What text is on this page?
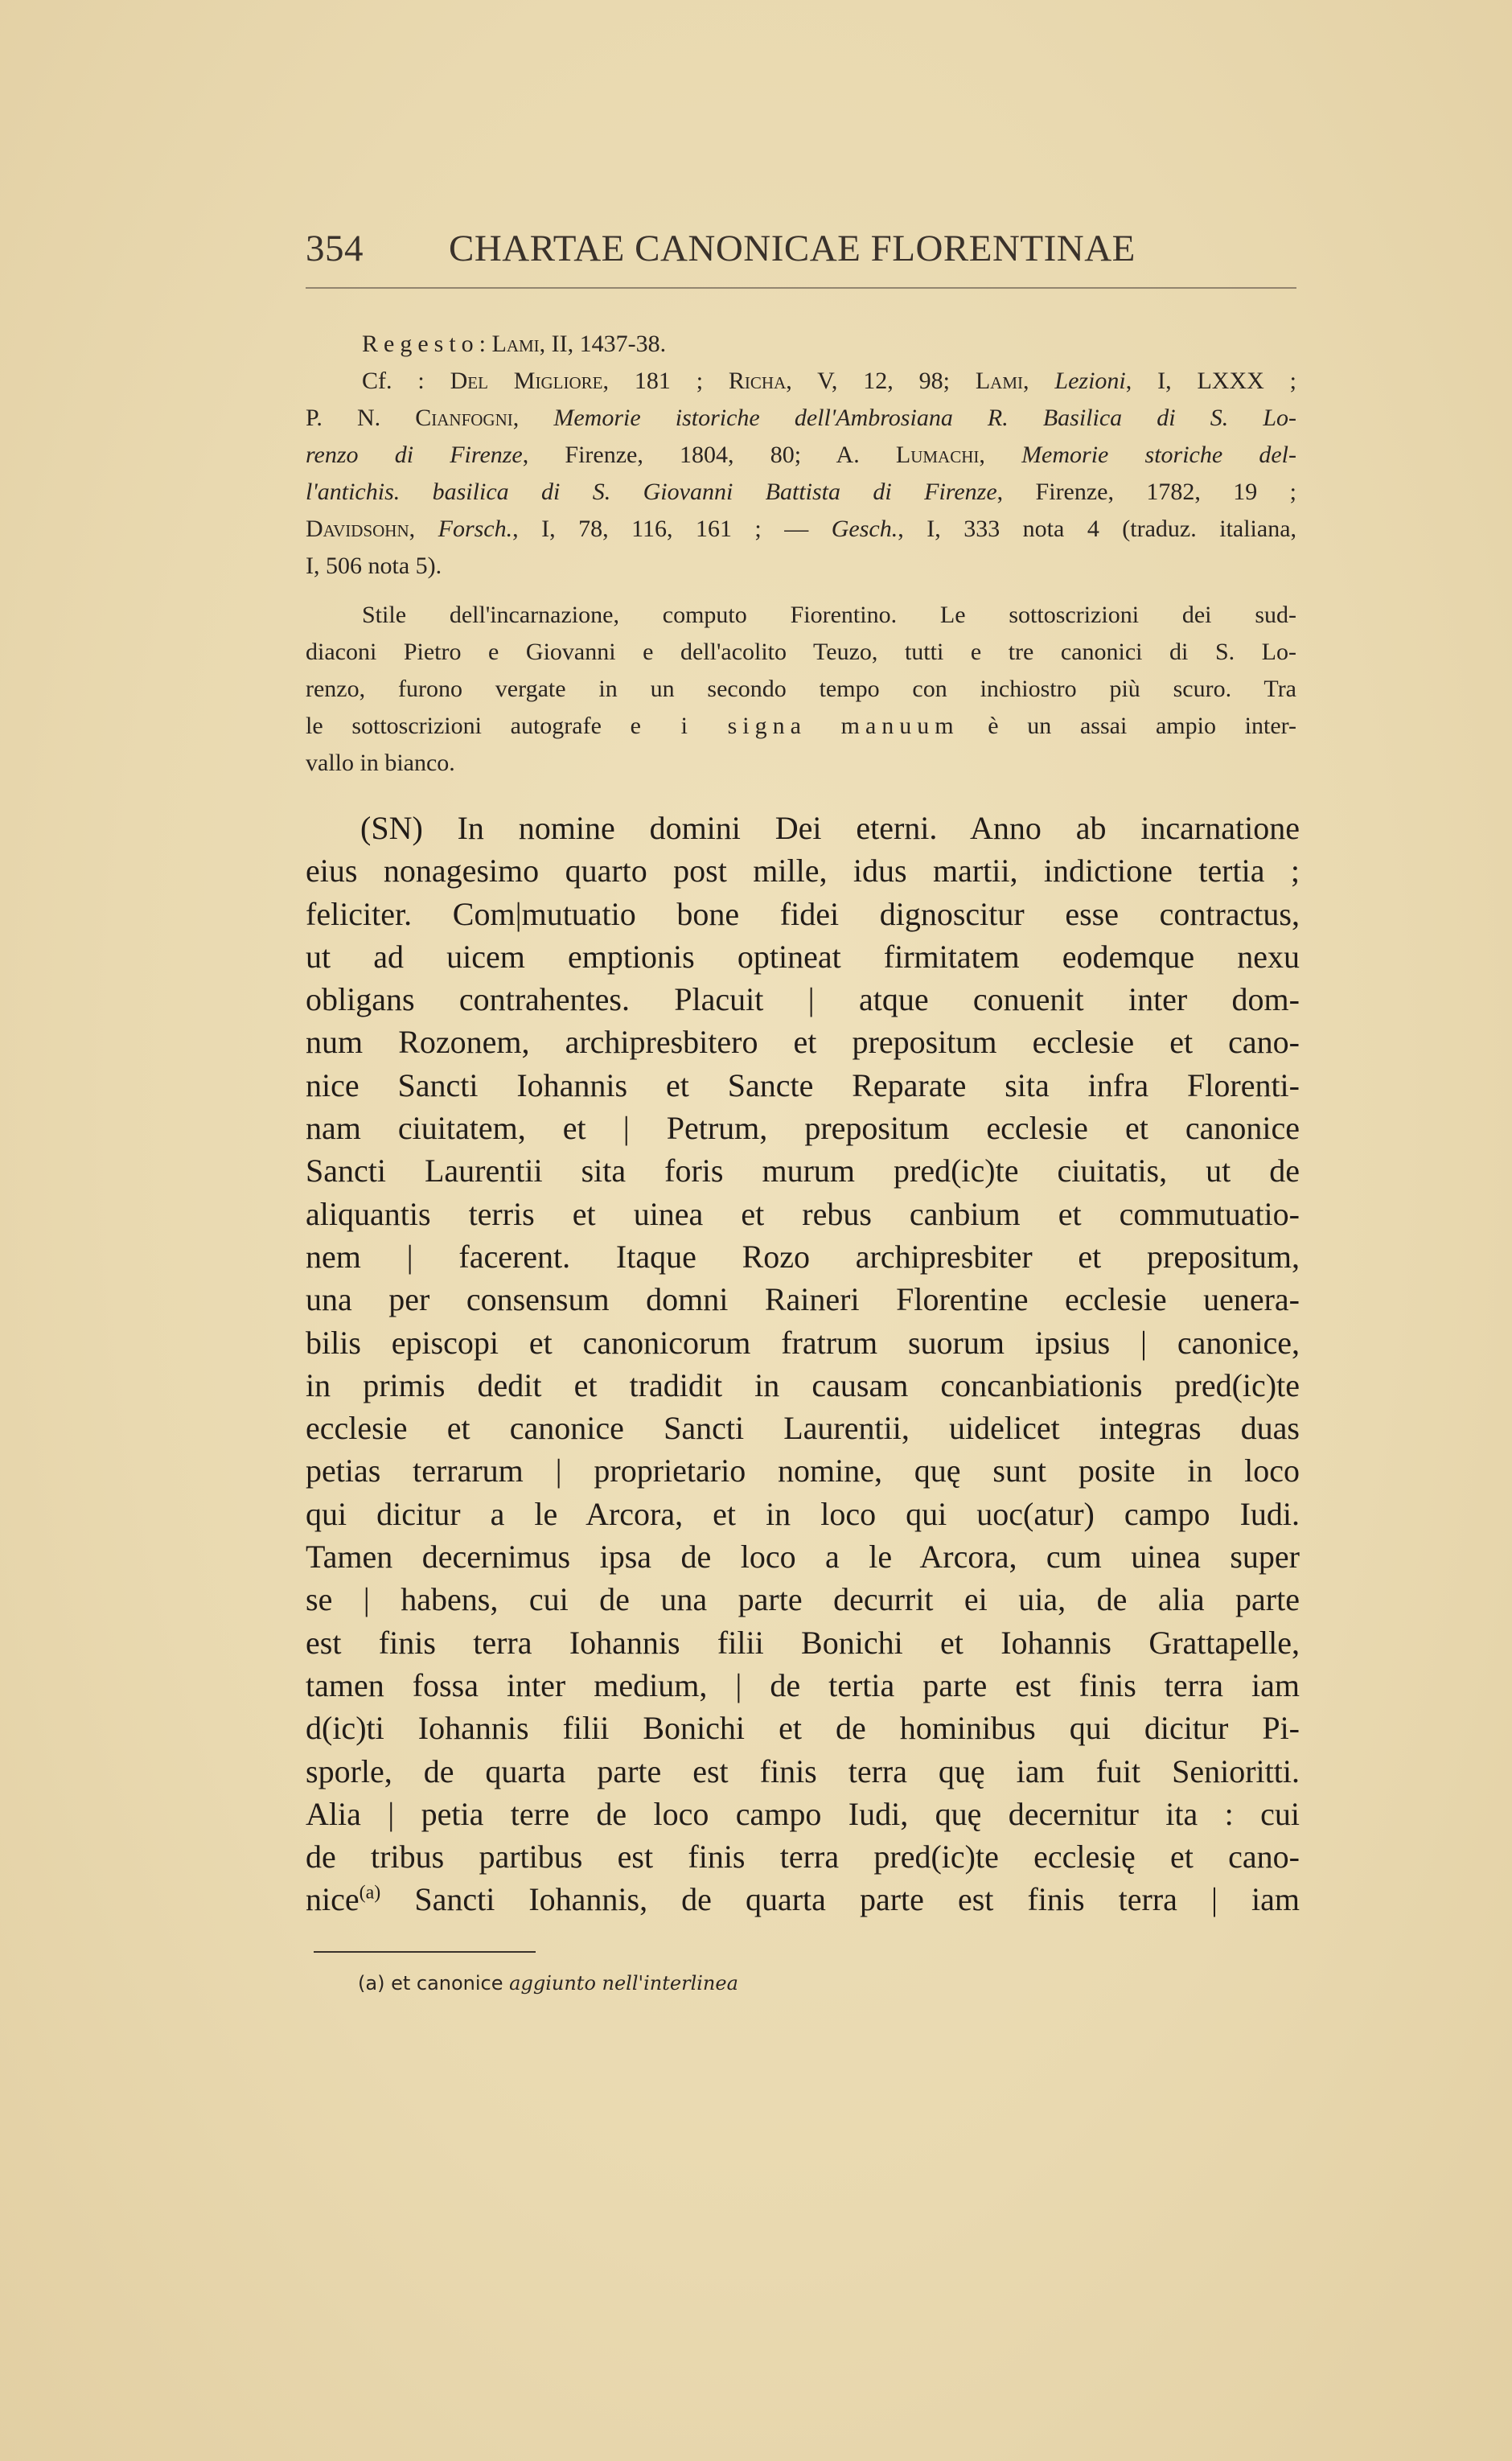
354 CHARTAE CANONICAE FLORENTINAE
Regesto: Lami, II, 1437-38.
Cf. : Del Migliore, 181 ; Richa, V, 12, 98; Lami, Lezioni, I, LXXX ;
P. N. Cianfogni, Memorie istoriche dell'Ambrosiana R. Basilica di S. Lo-
renzo di Firenze, Firenze, 1804, 80; A. Lumachi, Memorie storiche del-
l'antichis. basilica di S. Giovanni Battista di Firenze, Firenze, 1782, 19 ;
Davidsohn, Forsch., I, 78, 116, 161 ; — Gesch., I, 333 nota 4 (traduz. italiana,
I, 506 nota 5).
Stile dell'incarnazione, computo Fiorentino. Le sottoscrizioni dei sud-
diaconi Pietro e Giovanni e dell'acolito Teuzo, tutti e tre canonici di S. Lo-
renzo, furono vergate in un secondo tempo con inchiostro più scuro. Tra
le sottoscrizioni autografe e i signa manuum è un assai ampio inter-
vallo in bianco.
(SN) In nomine domini Dei eterni. Anno ab incarnatione
eius nonagesimo quarto post mille, idus martii, indictione tertia ;
feliciter. Com|mutuatio bone fidei dignoscitur esse contractus,
ut ad uicem emptionis optineat firmitatem eodemque nexu
obligans contrahentes. Placuit | atque conuenit inter dom-
num Rozonem, archipresbitero et prepositum ecclesie et cano-
nice Sancti Iohannis et Sancte Reparate sita infra Florenti-
nam ciuitatem, et | Petrum, prepositum ecclesie et canonice
Sancti Laurentii sita foris murum pred(ic)te ciuitatis, ut de
aliquantis terris et uinea et rebus canbium et commutuatio-
nem | facerent. Itaque Rozo archipresbiter et prepositum,
una per consensum domni Raineri Florentine ecclesie uenera-
bilis episcopi et canonicorum fratrum suorum ipsius | canonice,
in primis dedit et tradidit in causam concanbiationis pred(ic)te
ecclesie et canonice Sancti Laurentii, uidelicet integras duas
petias terrarum | proprietario nomine, quę sunt posite in loco
qui dicitur a le Arcora, et in loco qui uoc(atur) campo Iudi.
Tamen decernimus ipsa de loco a le Arcora, cum uinea super
se | habens, cui de una parte decurrit ei uia, de alia parte
est finis terra Iohannis filii Bonichi et Iohannis Grattapelle,
tamen fossa inter medium, | de tertia parte est finis terra iam
d(ic)ti Iohannis filii Bonichi et de hominibus qui dicitur Pi-
sporle, de quarta parte est finis terra quę iam fuit Senioritti.
Alia | petia terre de loco campo Iudi, quę decernitur ita : cui
de tribus partibus est finis terra pred(ic)te ecclesię et cano-
nice$^{(a)}$ Sancti Iohannis, de quarta parte est finis terra | iam
(a) et canonice aggiunto nell'interlinea
